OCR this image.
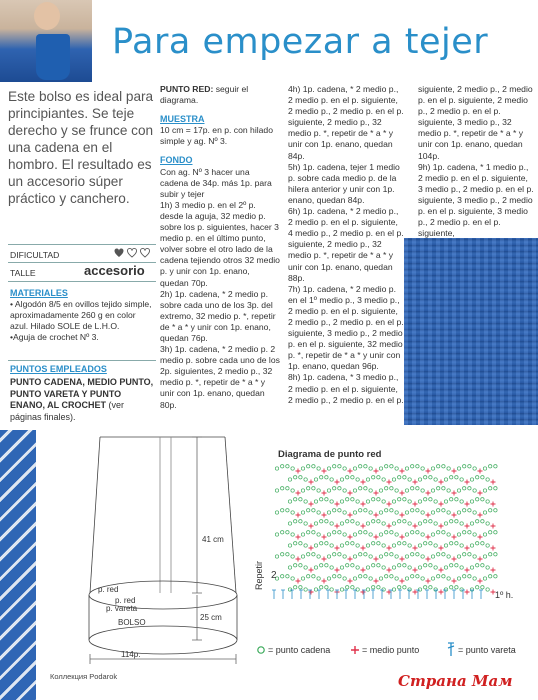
Para empezar a tejer
Este bolso es ideal para principiantes. Se teje derecho y se frunce con una cadena en el hombro. El resultado es un accesorio súper práctico y canchero.
DIFICULTAD
TALLE	accesorio
MATERIALES

• Algodón 8/5 en ovillos tejido simple, aproximadamente 260 g en color azul. Hilado SOLE de L.H.O.

•Aguja de crochet Nº 3.

PUNTOS EMPLEADOS
PUNTO CADENA, MEDIO PUNTO, PUNTO VARETA Y PUNTO ENANO, AL CROCHET (ver páginas finales).

PUNTO RED: seguir el diagrama.

MUESTRA

10 cm = 17p. en p. con hilado simple y ag. Nº 3.

FONDO

Con ag. Nº 3 hacer una cadena de 34p. más 1p. para subir y tejer
1h) 3 medio p. en el 2º p. desde la aguja, 32 medio p. sobre los p. siguientes, hacer 3 medio p. en el último punto, volver sobre el otro lado de la cadena tejiendo otros 32 medio p. y unir con 1p. enano, quedan 70p.
2h) 1p. cadena, * 2 medio p. sobre cada uno de los 3p. del extremo, 32 medio p. *, repetir de * a * y unir con 1p. enano, quedan 76p.
3h) 1p. cadena, * 2 medio p. 2 medio p. sobre cada uno de los 2p. siguientes, 2 medio p., 32 medio p. *, repetir de * a * y unir con 1p. enano, quedan 80p.

4h) 1p. cadena, * 2 medio p., 2 medio p. en el p. siguiente, 2 medio p., 2 medio p. en el p. siguiente, 2 medio p., 32 medio p. *, repetir de * a * y unir con 1p. enano, quedan 84p.
5h) 1p. cadena, tejer 1 medio p. sobre cada medio p. de la hilera anterior y unir con 1p. enano, quedan 84p.
6h) 1p. cadena, * 2 medio p., 2 medio p. en el p. siguiente, 4 medio p., 2 medio p. en el p. siguiente, 2 medio p., 32 medio p. *, repetir de * a * y unir con 1p. enano, quedan 88p.
7h) 1p. cadena, * 2 medio p. en el 1º medio p., 3 medio p., 2 medio p. en el p. siguiente, 2 medio p., 2 medio p. en el p. siguiente, 3 medio p., 2 medio p. en el p. siguiente, 32 medio p. *, repetir de * a * y unir con 1p. enano, quedan 96p.
8h) 1p. cadena, * 3 medio p., 2 medio p. en el p. siguiente, 2 medio p., 2 medio p. en el p.
siguiente, 2 medio p., 2 medio p. en el p. siguiente, 2 medio p., 2 medio p. en el p. siguiente, 3 medio p., 32 medio p. *, repetir de * a * y unir con 1p. enano, quedan 104p.
9h) 1p. cadena, * 1 medio p., 2 medio p. en el p. siguiente, 3 medio p., 2 medio p. en el p. siguiente, 3 medio p., 2 medio p. en el p. siguiente, 3 medio p., 2 medio p. en el p. siguiente,
41 cm
25 cm
p. red
p. red
p. vareta
BOLSO
114p.
Diagrama de punto red
Repetir 2
1º h.
= punto cadena	= medio punto	= punto vareta
Коллекция Podarok	Страна Мам
